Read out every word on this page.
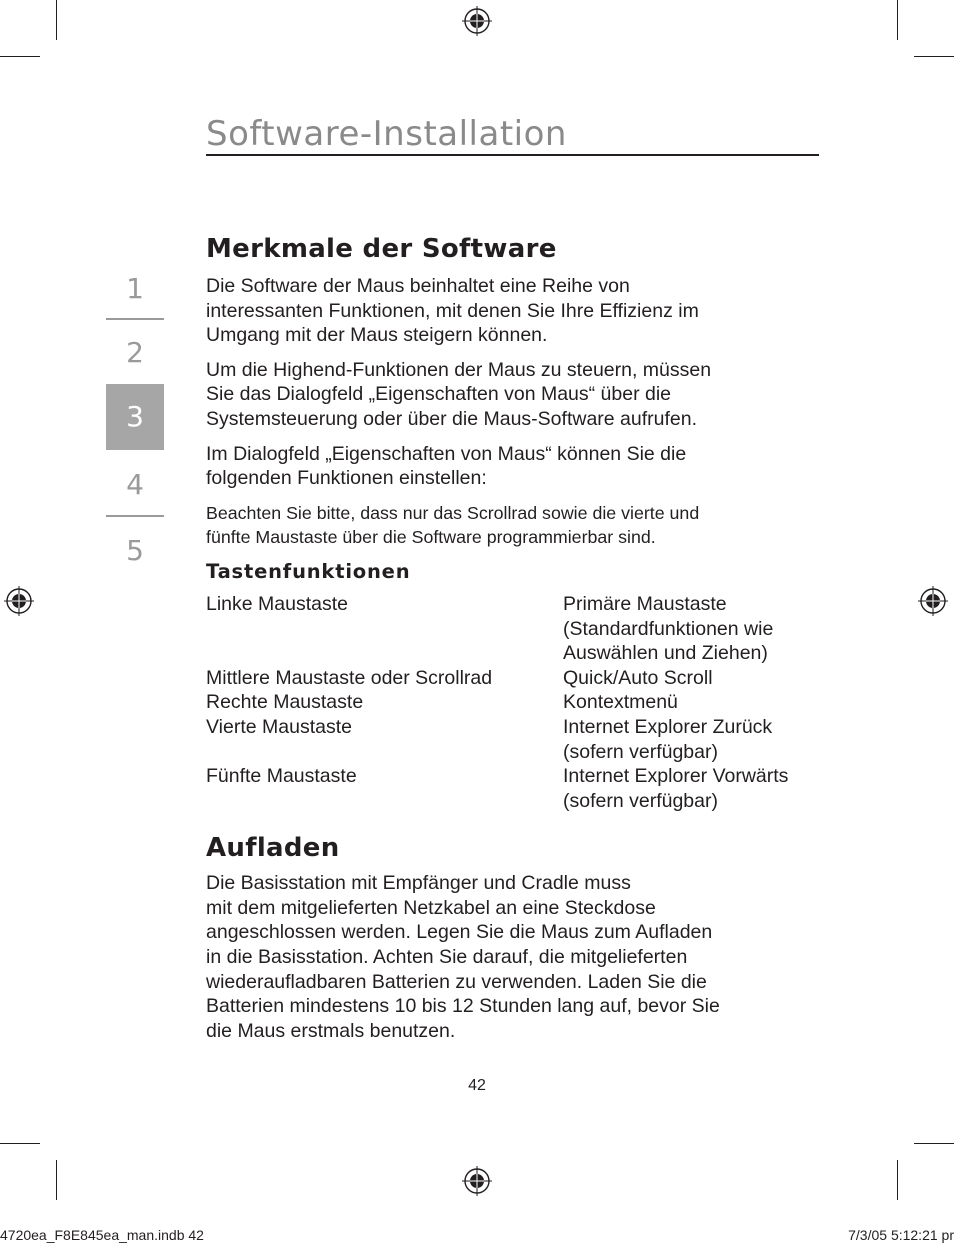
Software-Installation
1
2
3
4
5
Merkmale der Software

Die Software der Maus beinhaltet eine Reihe von
interessanten Funktionen, mit denen Sie Ihre Effizienz im
Umgang mit der Maus steigern können.

Um die Highend-Funktionen der Maus zu steuern, müssen
Sie das Dialogfeld „Eigenschaften von Maus“ über die
Systemsteuerung oder über die Maus-Software aufrufen.

Im Dialogfeld „Eigenschaften von Maus“ können Sie die
folgenden Funktionen einstellen:

Beachten Sie bitte, dass nur das Scrollrad sowie die vierte und
fünfte Maustaste über die Software programmierbar sind.

Tastenfunktionen
Linke Maustaste	Primäre Maustaste
(Standardfunktionen wie
Auswählen und Ziehen)
Mittlere Maustaste oder Scrollrad	Quick/Auto Scroll
Rechte Maustaste	Kontextmenü
Vierte Maustaste	Internet Explorer Zurück
(sofern verfügbar)
Fünfte Maustaste	Internet Explorer Vorwärts
(sofern verfügbar)
Aufladen

Die Basisstation mit Empfänger und Cradle muss
mit dem mitgelieferten Netzkabel an eine Steckdose
angeschlossen werden. Legen Sie die Maus zum Aufladen
in die Basisstation. Achten Sie darauf, die mitgelieferten
wiederaufladbaren Batterien zu verwenden. Laden Sie die
Batterien mindestens 10 bis 12 Stunden lang auf, bevor Sie
die Maus erstmals benutzen.

42
4720ea_F8E845ea_man.indb 42	7/3/05 5:12:21 pr
